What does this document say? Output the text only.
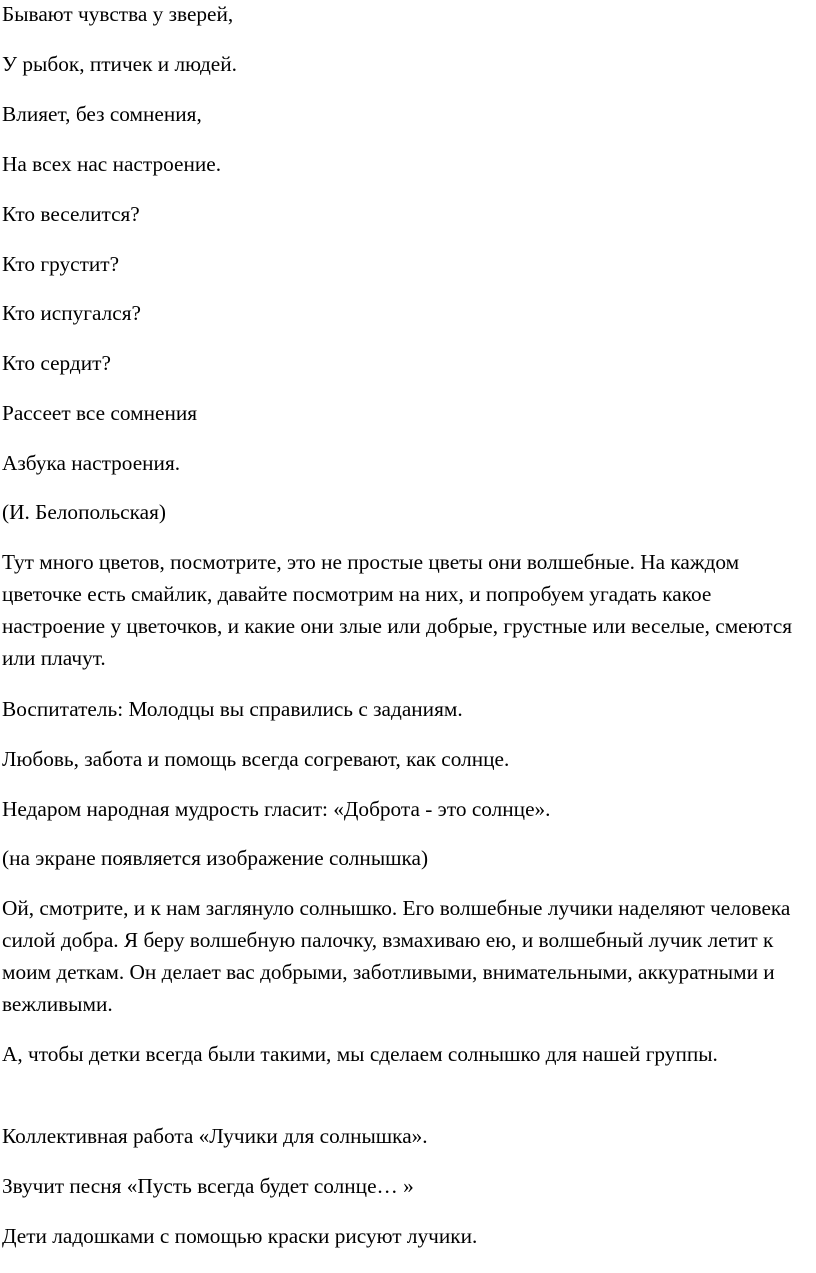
Бывают чувства у зверей,

У рыбок, птичек и людей.

Влияет, без сомнения,

На всех нас настроение.

Кто веселится?

Кто грустит?

Кто испугался?

Кто сердит?

Рассеет все сомнения

Азбука настроения.

(И. Белопольская)

Тут много цветов, посмотрите, это не простые цветы они волшебные. На каждом цветочке есть смайлик, давайте посмотрим на них, и попробуем угадать какое настроение у цветочков, и какие они злые или добрые, грустные или веселые, смеются или плачут.

Воспитатель: Молодцы вы справились с заданиям.

Любовь, забота и помощь всегда согревают, как солнце.

Недаром народная мудрость гласит: «Доброта - это солнце».

(на экране появляется изображение солнышка)

Ой, смотрите, и к нам заглянуло солнышко. Его волшебные лучики наделяют человека силой добра. Я беру волшебную палочку, взмахиваю ею, и волшебный лучик летит к моим деткам. Он делает вас добрыми, заботливыми, внимательными, аккуратными и вежливыми.

А, чтобы детки всегда были такими, мы сделаем солнышко для нашей группы.

Коллективная работа «Лучики для солнышка».

Звучит песня «Пусть всегда будет солнце… »

Дети ладошками с помощью краски рисуют лучики.
